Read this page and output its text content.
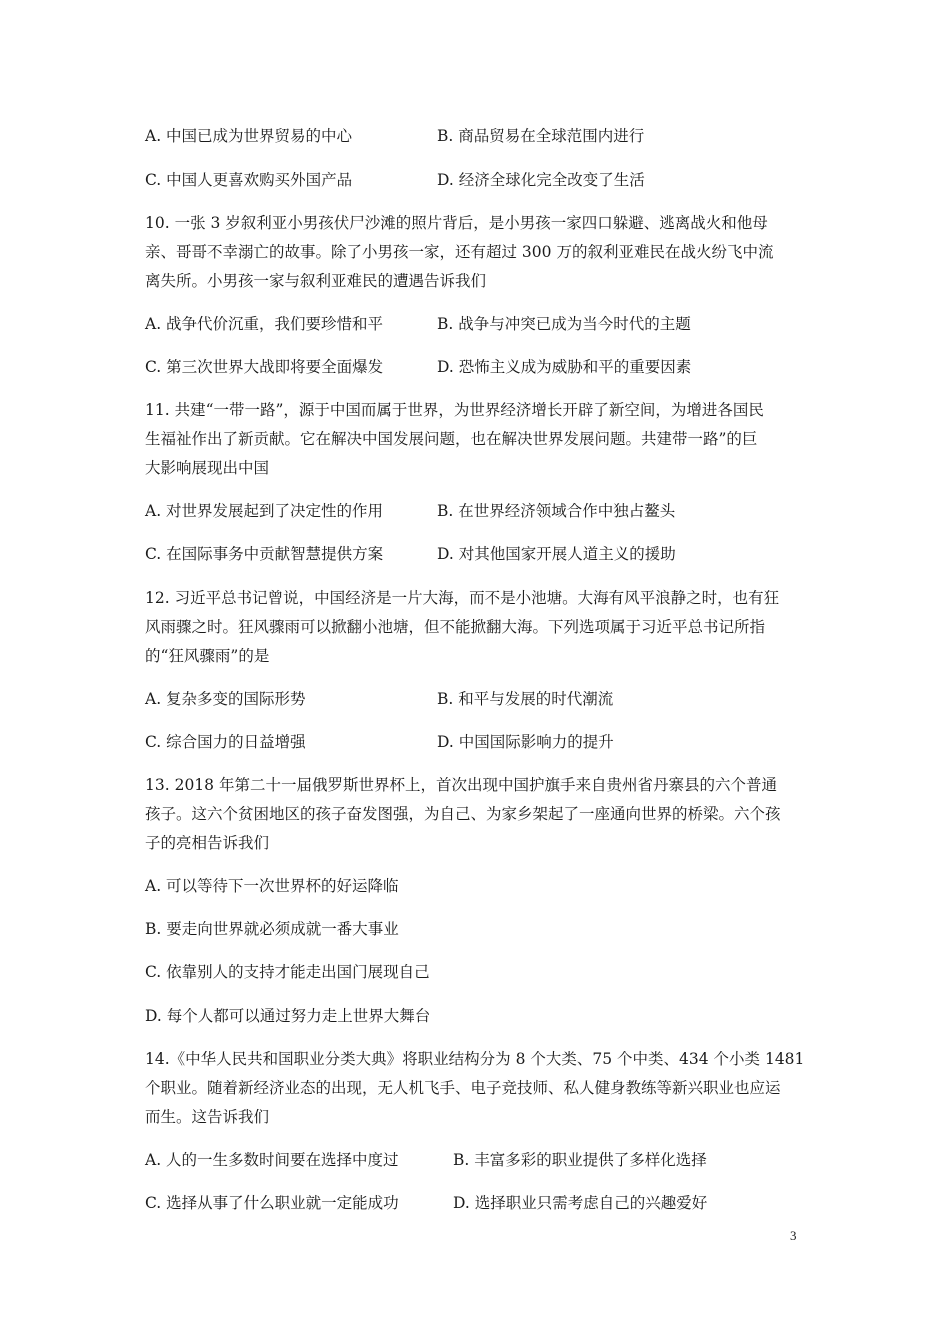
A. 中国已成为世界贸易的中心	B. 商品贸易在全球范围内进行
C. 中国人更喜欢购买外国产品	D. 经济全球化完全改变了生活
10. 一张 3 岁叙利亚小男孩伏尸沙滩的照片背后，是小男孩一家四口躲避、逃离战火和他母
亲、哥哥不幸溺亡的故事。除了小男孩一家，还有超过 300 万的叙利亚难民在战火纷飞中流
离失所。小男孩一家与叙利亚难民的遭遇告诉我们
A. 战争代价沉重，我们要珍惜和平	B. 战争与冲突已成为当今时代的主题
C. 第三次世界大战即将要全面爆发	D. 恐怖主义成为威胁和平的重要因素
11. 共建“一带一路”，源于中国而属于世界，为世界经济增长开辟了新空间，为增进各国民
生福祉作出了新贡献。它在解决中国发展问题，也在解决世界发展问题。共建带一路”的巨
大影响展现出中国
A. 对世界发展起到了决定性的作用	B. 在世界经济领域合作中独占鳌头
C. 在国际事务中贡献智慧提供方案	D. 对其他国家开展人道主义的援助
12. 习近平总书记曾说，中国经济是一片大海，而不是小池塘。大海有风平浪静之时，也有狂
风雨骤之时。狂风骤雨可以掀翻小池塘，但不能掀翻大海。下列选项属于习近平总书记所指
的“狂风骤雨”的是
A. 复杂多变的国际形势	B. 和平与发展的时代潮流
C. 综合国力的日益增强	D. 中国国际影响力的提升
13. 2018 年第二十一届俄罗斯世界杯上，首次出现中国护旗手来自贵州省丹寨县的六个普通
孩子。这六个贫困地区的孩子奋发图强，为自己、为家乡架起了一座通向世界的桥梁。六个孩
子的亮相告诉我们
A. 可以等待下一次世界杯的好运降临
B. 要走向世界就必须成就一番大事业
C. 依靠别人的支持才能走出国门展现自己
D. 每个人都可以通过努力走上世界大舞台
14.《中华人民共和国职业分类大典》将职业结构分为 8 个大类、75 个中类、434 个小类 1481
个职业。随着新经济业态的出现，无人机飞手、电子竞技师、私人健身教练等新兴职业也应运
而生。这告诉我们
A. 人的一生多数时间要在选择中度过	B. 丰富多彩的职业提供了多样化选择
C. 选择从事了什么职业就一定能成功	D. 选择职业只需考虑自己的兴趣爱好
3
